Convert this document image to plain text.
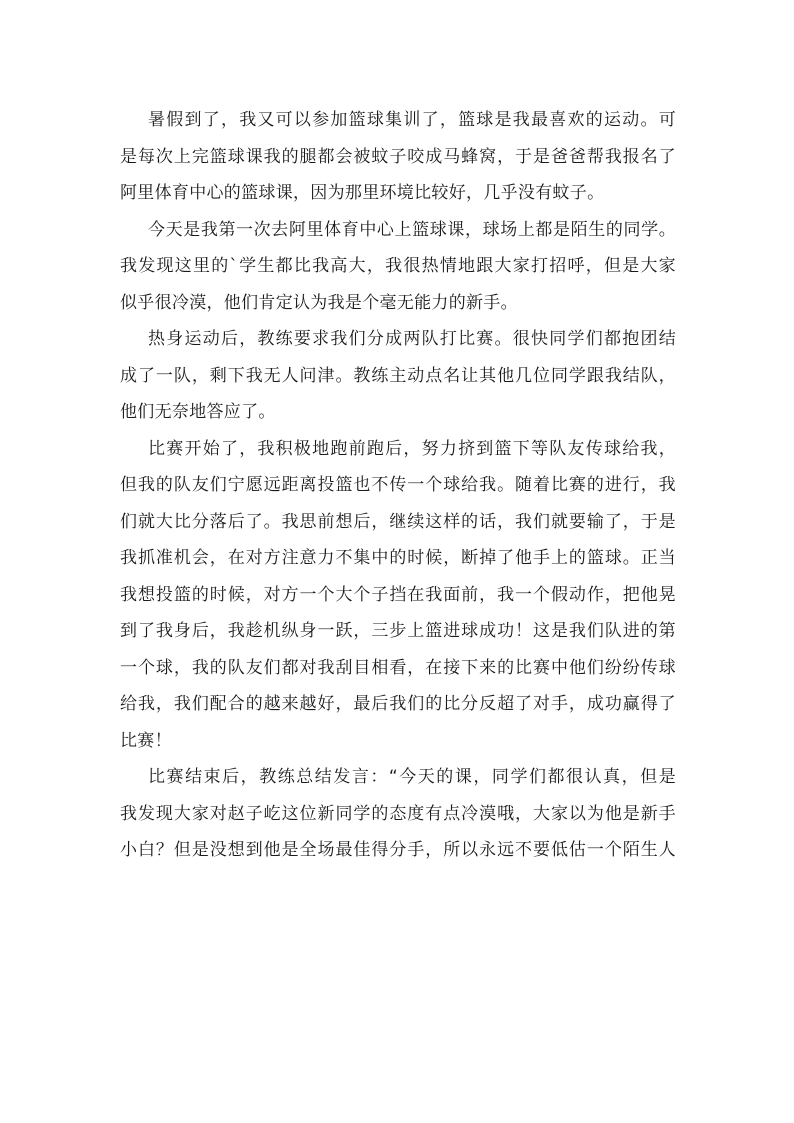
暑假到了，我又可以参加篮球集训了，篮球是我最喜欢的运动。可
是每次上完篮球课我的腿都会被蚊子咬成马蜂窝，于是爸爸帮我报名了
阿里体育中心的篮球课，因为那里环境比较好，几乎没有蚊子。
今天是我第一次去阿里体育中心上篮球课，球场上都是陌生的同学。
我发现这里的`学生都比我高大，我很热情地跟大家打招呼，但是大家
似乎很冷漠，他们肯定认为我是个毫无能力的新手。
热身运动后，教练要求我们分成两队打比赛。很快同学们都抱团结
成了一队，剩下我无人问津。教练主动点名让其他几位同学跟我结队，
他们无奈地答应了。
比赛开始了，我积极地跑前跑后，努力挤到篮下等队友传球给我，
但我的队友们宁愿远距离投篮也不传一个球给我。随着比赛的进行，我
们就大比分落后了。我思前想后，继续这样的话，我们就要输了，于是
我抓准机会，在对方注意力不集中的时候，断掉了他手上的篮球。正当
我想投篮的时候，对方一个大个子挡在我面前，我一个假动作，把他晃
到了我身后，我趁机纵身一跃，三步上篮进球成功！这是我们队进的第
一个球，我的队友们都对我刮目相看，在接下来的比赛中他们纷纷传球
给我，我们配合的越来越好，最后我们的比分反超了对手，成功赢得了
比赛！
比赛结束后，教练总结发言：“今天的课，同学们都很认真，但是
我发现大家对赵子屹这位新同学的态度有点冷漠哦，大家以为他是新手
小白？但是没想到他是全场最佳得分手，所以永远不要低估一个陌生人
